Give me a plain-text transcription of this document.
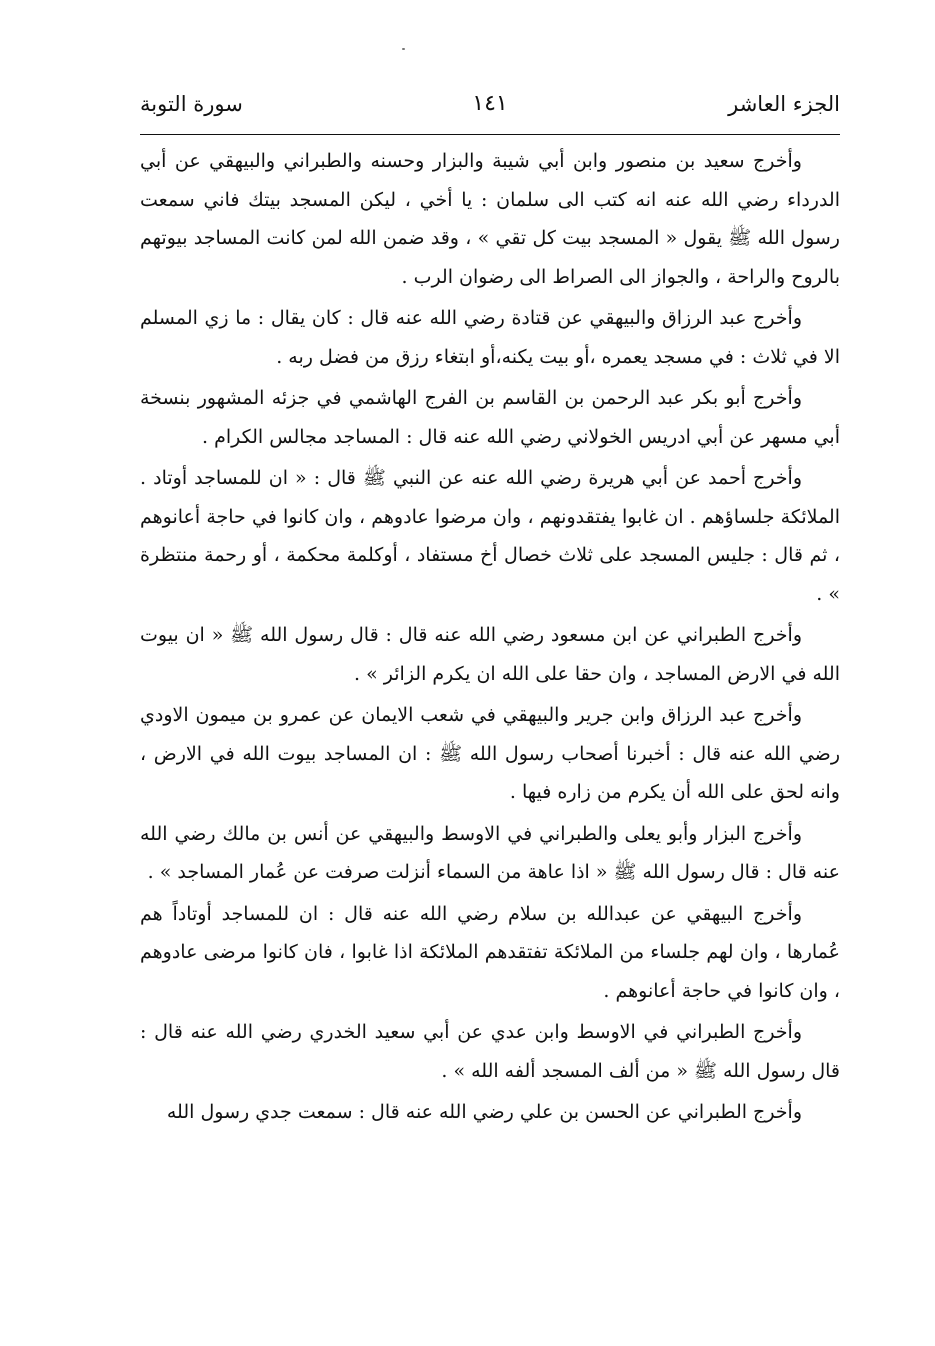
الجزء العاشر
١٤١
سورة التوبة

وأخرج سعيد بن منصور وابن أبي شيبة والبزار وحسنه والطبراني والبيهقي عن أبي الدرداء رضي الله عنه انه كتب الى سلمان : يا أخي ، ليكن المسجد بيتك فاني سمعت رسول الله ﷺ يقول « المسجد بيت كل تقي » ، وقد ضمن الله لمن كانت المساجد بيوتهم بالروح والراحة ، والجواز الى الصراط الى رضوان الرب .

وأخرج عبد الرزاق والبيهقي عن قتادة رضي الله عنه قال : كان يقال : ما زي المسلم الا في ثلاث : في مسجد يعمره ،أو بيت يكنه،أو ابتغاء رزق من فضل ربه .

وأخرج أبو بكر عبد الرحمن بن القاسم بن الفرج الهاشمي في جزئه المشهور بنسخة أبي مسهر عن أبي ادريس الخولاني رضي الله عنه قال : المساجد مجالس الكرام .

وأخرج أحمد عن أبي هريرة رضي الله عنه عن النبي ﷺ قال : « ان للمساجد أوتاد . الملائكة جلساؤهم . ان غابوا يفتقدونهم ، وان مرضوا عادوهم ، وان كانوا في حاجة أعانوهم ، ثم قال : جليس المسجد على ثلاث خصال أخ مستفاد ، أوكلمة محكمة ، أو رحمة منتظرة » .

وأخرج الطبراني عن ابن مسعود رضي الله عنه قال : قال رسول الله ﷺ « ان بيوت الله في الارض المساجد ، وان حقا على الله ان يكرم الزائر » .

وأخرج عبد الرزاق وابن جرير والبيهقي في شعب الايمان عن عمرو بن ميمون الاودي رضي الله عنه قال : أخبرنا أصحاب رسول الله ﷺ : ان المساجد بيوت الله في الارض ، وانه لحق على الله أن يكرم من زاره فيها .

وأخرج البزار وأبو يعلى والطبراني في الاوسط والبيهقي عن أنس بن مالك رضي الله عنه قال : قال رسول الله ﷺ « اذا عاهة من السماء أنزلت صرفت عن عُمار المساجد » .

وأخرج البيهقي عن عبدالله بن سلام رضي الله عنه قال : ان للمساجد أوتاداً هم عُمارها ، وان لهم جلساء من الملائكة تفتقدهم الملائكة اذا غابوا ، فان كانوا مرضى عادوهم ، وان كانوا في حاجة أعانوهم .

وأخرج الطبراني في الاوسط وابن عدي عن أبي سعيد الخدري رضي الله عنه قال : قال رسول الله ﷺ « من ألف المسجد ألفه الله » .

وأخرج الطبراني عن الحسن بن علي رضي الله عنه قال : سمعت جدي رسول الله
